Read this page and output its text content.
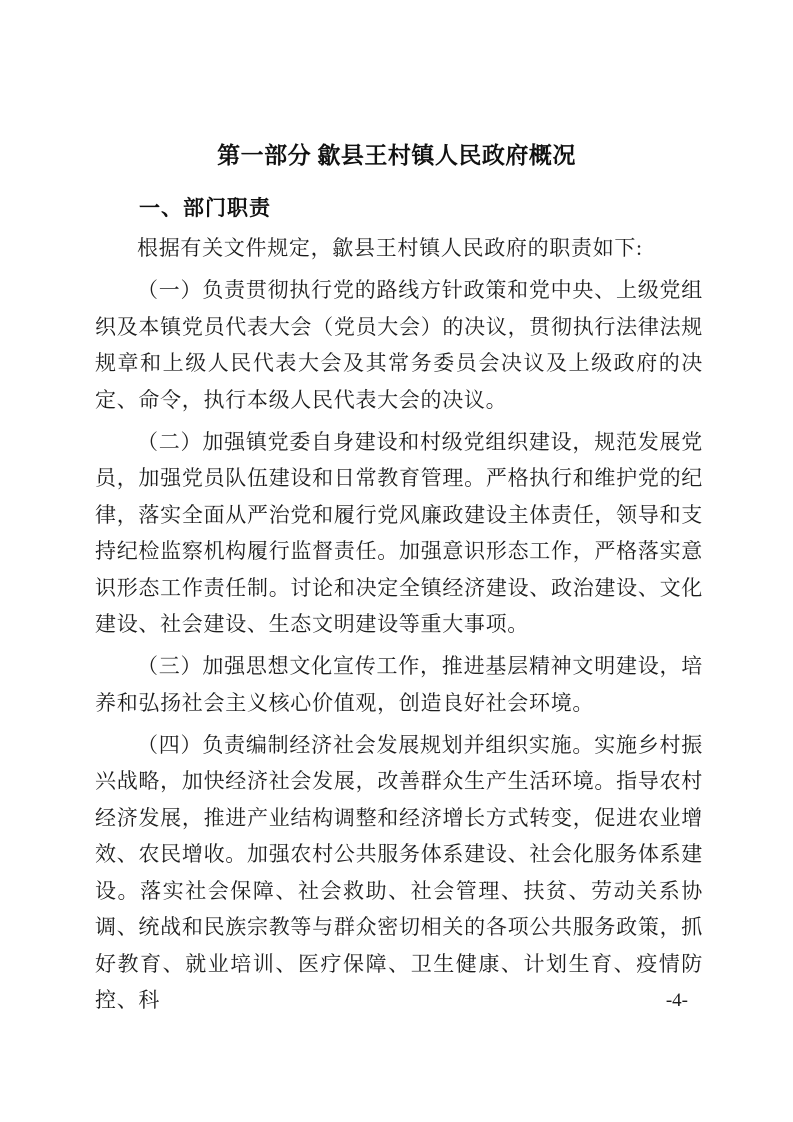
第一部分 歙县王村镇人民政府概况
一、部门职责

根据有关文件规定，歙县王村镇人民政府的职责如下:

（一）负责贯彻执行党的路线方针政策和党中央、上级党组织及本镇党员代表大会（党员大会）的决议，贯彻执行法律法规规章和上级人民代表大会及其常务委员会决议及上级政府的决定、命令，执行本级人民代表大会的决议。

（二）加强镇党委自身建设和村级党组织建设，规范发展党员，加强党员队伍建设和日常教育管理。严格执行和维护党的纪律，落实全面从严治党和履行党风廉政建设主体责任，领导和支持纪检监察机构履行监督责任。加强意识形态工作，严格落实意识形态工作责任制。讨论和决定全镇经济建设、政治建设、文化建设、社会建设、生态文明建设等重大事项。

（三）加强思想文化宣传工作，推进基层精神文明建设，培养和弘扬社会主义核心价值观，创造良好社会环境。

（四）负责编制经济社会发展规划并组织实施。实施乡村振兴战略，加快经济社会发展，改善群众生产生活环境。指导农村经济发展，推进产业结构调整和经济增长方式转变，促进农业增效、农民增收。加强农村公共服务体系建设、社会化服务体系建设。落实社会保障、社会救助、社会管理、扶贫、劳动关系协调、统战和民族宗教等与群众密切相关的各项公共服务政策，抓好教育、就业培训、医疗保障、卫生健康、计划生育、疫情防控、科	-4-
